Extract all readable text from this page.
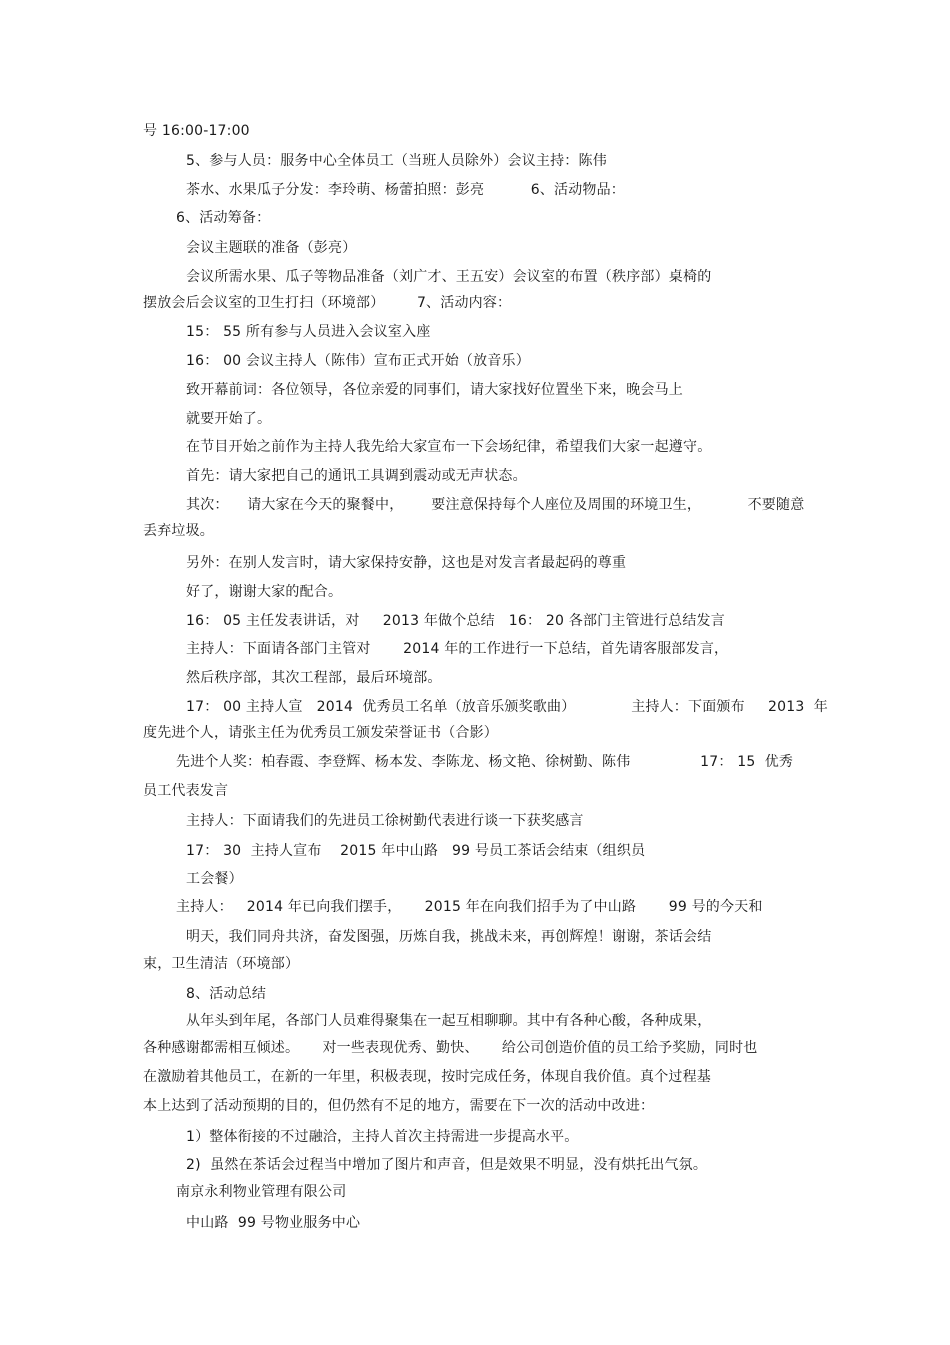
号 16:00-17:00
5、参与人员：服务中心全体员工（当班人员除外）会议主持：陈伟
茶水、水果瓜子分发：李玲萌、杨蕾拍照：彭亮          6、活动物品：
6、活动筹备：
会议主题联的准备（彭亮）
会议所需水果、瓜子等物品准备（刘广才、王五安）会议室的布置（秩序部）桌椅的
摆放会后会议室的卫生打扫（环境部）       7、活动内容：
15： 55 所有参与人员进入会议室入座
16： 00 会议主持人（陈伟）宣布正式开始（放音乐）
致开幕前词：各位领导，各位亲爱的同事们，请大家找好位置坐下来，晚会马上
就要开始了。
在节目开始之前作为主持人我先给大家宣布一下会场纪律，希望我们大家一起遵守。
首先：请大家把自己的通讯工具调到震动或无声状态。
其次：    请大家在今天的聚餐中，      要注意保持每个人座位及周围的环境卫生，          不要随意
丢弃垃圾。
另外：在别人发言时，请大家保持安静，这也是对发言者最起码的尊重
好了，谢谢大家的配合。
16： 05 主任发表讲话，对     2013 年做个总结   16： 20 各部门主管进行总结发言
主持人：下面请各部门主管对       2014 年的工作进行一下总结，首先请客服部发言，
然后秩序部，其次工程部，最后环境部。
17： 00 主持人宣   2014  优秀员工名单（放音乐颁奖歌曲）            主持人：下面颁布     2013  年
度先进个人，请张主任为优秀员工颁发荣誉证书（合影）
先进个人奖：柏春霞、李登辉、杨本发、李陈龙、杨文艳、徐树勤、陈伟               17： 15  优秀
员工代表发言
主持人：下面请我们的先进员工徐树勤代表进行谈一下获奖感言
17： 30  主持人宣布    2015 年中山路   99 号员工茶话会结束（组织员
工会餐）
主持人：   2014 年已向我们摆手，     2015 年在向我们招手为了中山路       99 号的今天和
明天，我们同舟共济，奋发图强，历炼自我，挑战未来，再创辉煌！谢谢，茶话会结
束，卫生清洁（环境部）
8、活动总结
从年头到年尾，各部门人员难得聚集在一起互相聊聊。其中有各种心酸，各种成果，
各种感谢都需相互倾述。     对一些表现优秀、勤快、     给公司创造价值的员工给予奖励，同时也
在激励着其他员工，在新的一年里，积极表现，按时完成任务，体现自我价值。真个过程基
本上达到了活动预期的目的，但仍然有不足的地方，需要在下一次的活动中改进：
1）整体衔接的不过融洽，主持人首次主持需进一步提高水平。
2)  虽然在茶话会过程当中增加了图片和声音，但是效果不明显，没有烘托出气氛。
南京永利物业管理有限公司
中山路  99 号物业服务中心
